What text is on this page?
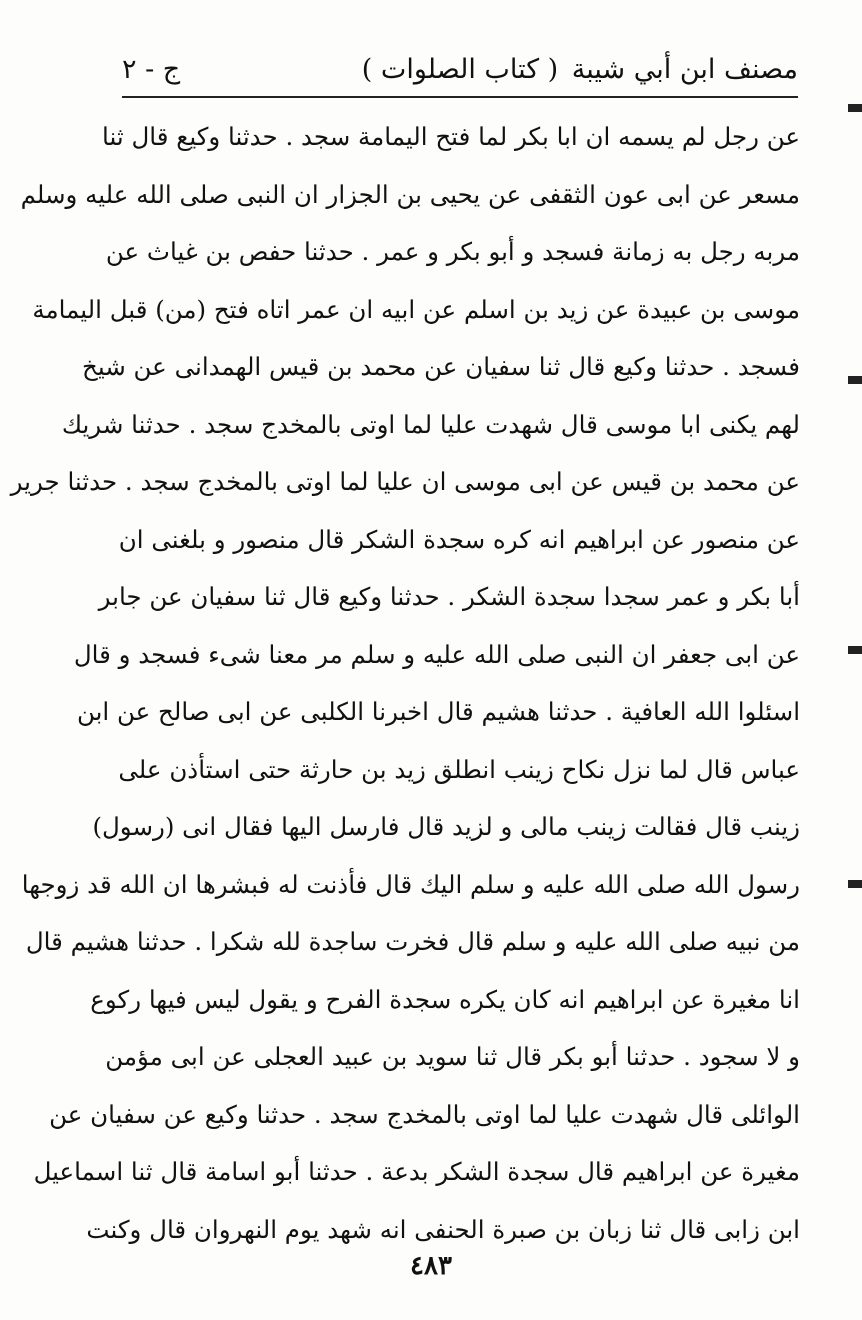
مصنف ابن أبي شيبة
( كتاب الصلوات )
ج - ٢
عن رجل لم يسمه ان ابا بكر لما فتح اليمامة سجد . حدثنا وكيع قال ثنا
مسعر عن ابى عون الثقفى عن يحيى بن الجزار ان النبى صلى الله عليه وسلم
مربه رجل به زمانة فسجد و أبو بكر و عمر . حدثنا حفص بن غياث عن
موسى بن عبيدة عن زيد بن اسلم عن ابيه ان عمر اتاه فتح (من) قبل اليمامة
فسجد . حدثنا وكيع قال ثنا سفيان عن محمد بن قيس الهمدانى عن شيخ
لهم يكنى ابا موسى قال شهدت عليا لما اوتى بالمخدج سجد . حدثنا شريك
عن محمد بن قيس عن ابى موسى ان عليا لما اوتى بالمخدج سجد . حدثنا جرير
عن منصور عن ابراهيم انه كره سجدة الشكر قال منصور و بلغنى ان
أبا بكر و عمر سجدا سجدة الشكر . حدثنا وكيع قال ثنا سفيان عن جابر
عن ابى جعفر ان النبى صلى الله عليه و سلم مر معنا شىء فسجد و قال
اسئلوا الله العافية . حدثنا هشيم قال اخبرنا الكلبى عن ابى صالح عن ابن
عباس قال لما نزل نكاح زينب انطلق زيد بن حارثة حتى استأذن على
زينب قال فقالت زينب مالى و لزيد قال فارسل اليها فقال انى (رسول)
رسول الله صلى الله عليه و سلم اليك قال فأذنت له فبشرها ان الله قد زوجها
من نبيه صلى الله عليه و سلم قال فخرت ساجدة لله شكرا . حدثنا هشيم قال
انا مغيرة عن ابراهيم انه كان يكره سجدة الفرح و يقول ليس فيها ركوع
و لا سجود . حدثنا أبو بكر قال ثنا سويد بن عبيد العجلى عن ابى مؤمن
الوائلى قال شهدت عليا لما اوتى بالمخدج سجد . حدثنا وكيع عن سفيان عن
مغيرة عن ابراهيم قال سجدة الشكر بدعة . حدثنا أبو اسامة قال ثنا اسماعيل
ابن زابى قال ثنا زبان بن صبرة الحنفى انه شهد يوم النهروان قال وكنت
٤٨٣
